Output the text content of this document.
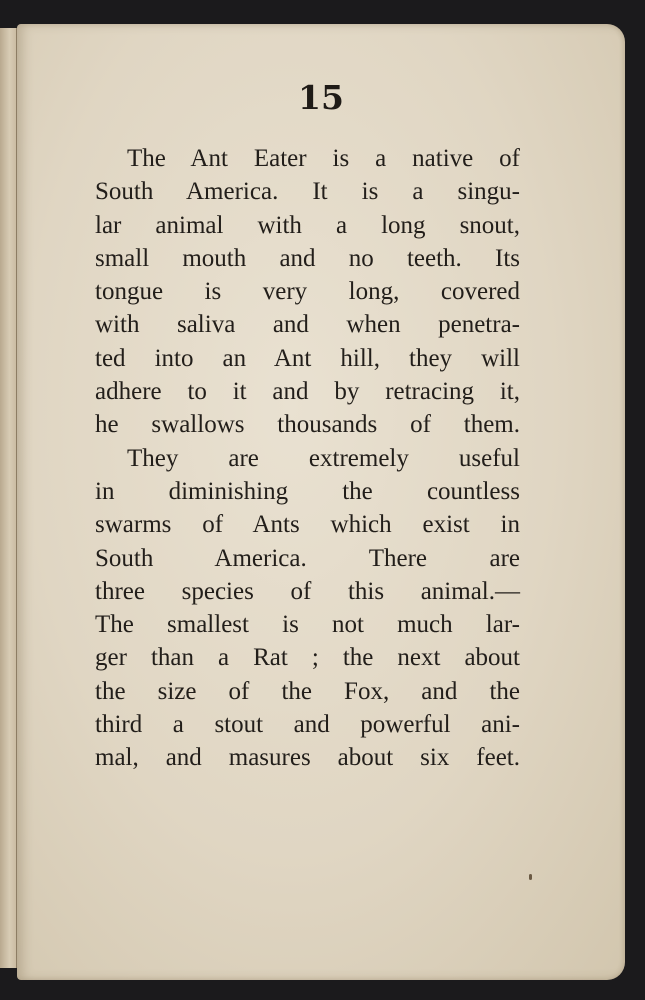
15

The Ant Eater is a native of
South America. It is a singu-
lar animal with a long snout,
small mouth and no teeth. Its
tongue is very long, covered
with saliva and when penetra-
ted into an Ant hill, they will
adhere to it and by retracing it,
he swallows thousands of them.

They are extremely useful
in diminishing the countless
swarms of Ants which exist in
South America. There are
three species of this animal.—
The smallest is not much lar-
ger than a Rat ; the next about
the size of the Fox, and the
third a stout and powerful ani-
mal, and masures about six feet.
